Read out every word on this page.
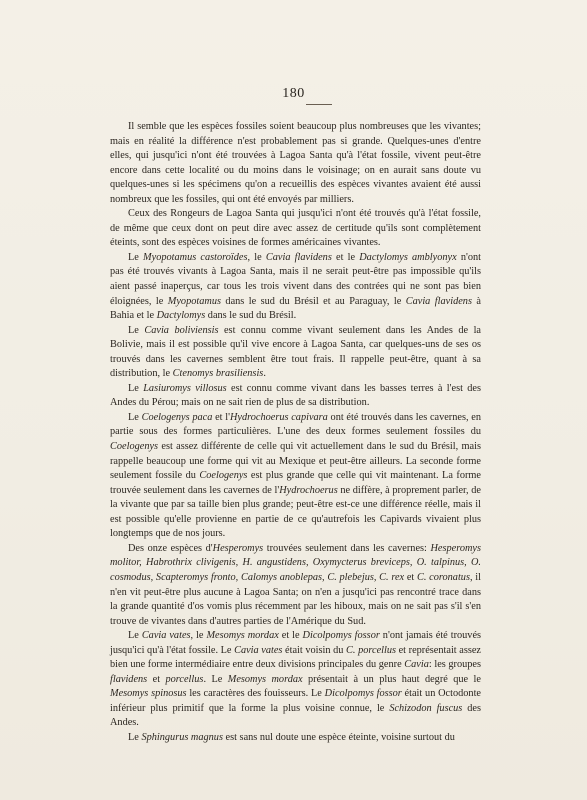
180

Il semble que les espèces fossiles soient beaucoup plus nombreuses que les vivantes; mais en réalité la différence n'est probablement pas si grande. Quelques-unes d'entre elles, qui jusqu'ici n'ont été trouvées à Lagoa Santa qu'à l'état fossile, vivent peut-être encore dans cette localité ou du moins dans le voisinage; on en aurait sans doute vu quelques-unes si les spécimens qu'on a recueillis des espèces vivantes avaient été aussi nombreux que les fossiles, qui ont été envoyés par milliers.

Ceux des Rongeurs de Lagoa Santa qui jusqu'ici n'ont été trouvés qu'à l'état fossile, de même que ceux dont on peut dire avec assez de certitude qu'ils sont complètement éteints, sont des espèces voisines de formes américaines vivantes.

Le Myopotamus castoroïdes, le Cavia flavidens et le Dactylomys amblyonyx n'ont pas été trouvés vivants à Lagoa Santa, mais il ne serait peut-être pas impossible qu'ils aient passé inaperçus, car tous les trois vivent dans des contrées qui ne sont pas bien éloignées, le Myopotamus dans le sud du Brésil et au Paraguay, le Cavia flavidens à Bahia et le Dactylomys dans le sud du Brésil.

Le Cavia boliviensis est connu comme vivant seulement dans les Andes de la Bolivie, mais il est possible qu'il vive encore à Lagoa Santa, car quelques-uns de ses os trouvés dans les cavernes semblent être tout frais. Il rappelle peut-être, quant à sa distribution, le Ctenomys brasiliensis.

Le Lasiuromys villosus est connu comme vivant dans les basses terres à l'est des Andes du Pérou; mais on ne sait rien de plus de sa distribution.

Le Coelogenys paca et l'Hydrochoerus capivara ont été trouvés dans les cavernes, en partie sous des formes particulières. L'une des deux formes seulement fossiles du Coelogenys est assez différente de celle qui vit actuellement dans le sud du Brésil, mais rappelle beaucoup une forme qui vit au Mexique et peut-être ailleurs. La seconde forme seulement fossile du Coelogenys est plus grande que celle qui vit maintenant. La forme trouvée seulement dans les cavernes de l'Hydrochoerus ne diffère, à proprement parler, de la vivante que par sa taille bien plus grande; peut-être est-ce une différence réelle, mais il est possible qu'elle provienne en partie de ce qu'autrefois les Capivards vivaient plus longtemps que de nos jours.

Des onze espèces d'Hesperomys trouvées seulement dans les cavernes: Hesperomys molitor, Habrothrix clivigenis, H. angustidens, Oxymycterus breviceps, O. talpinus, O. cosmodus, Scapteromys fronto, Calomys anoblepas, C. plebejus, C. rex et C. coronatus, il n'en vit peut-être plus aucune à Lagoa Santa; on n'en a jusqu'ici pas rencontré trace dans la grande quantité d'os vomis plus récemment par les hiboux, mais on ne sait pas s'il s'en trouve de vivantes dans d'autres parties de l'Amérique du Sud.

Le Cavia vates, le Mesomys mordax et le Dicolpomys fossor n'ont jamais été trouvés jusqu'ici qu'à l'état fossile. Le Cavia vates était voisin du C. porcellus et représentait assez bien une forme intermédiaire entre deux divisions principales du genre Cavia: les groupes flavidens et porcellus. Le Mesomys mordax présentait à un plus haut degré que le Mesomys spinosus les caractères des fouisseurs. Le Dicolpomys fossor était un Octodonte inférieur plus primitif que la forme la plus voisine connue, le Schizodon fuscus des Andes.

Le Sphingurus magnus est sans nul doute une espèce éteinte, voisine surtout du
